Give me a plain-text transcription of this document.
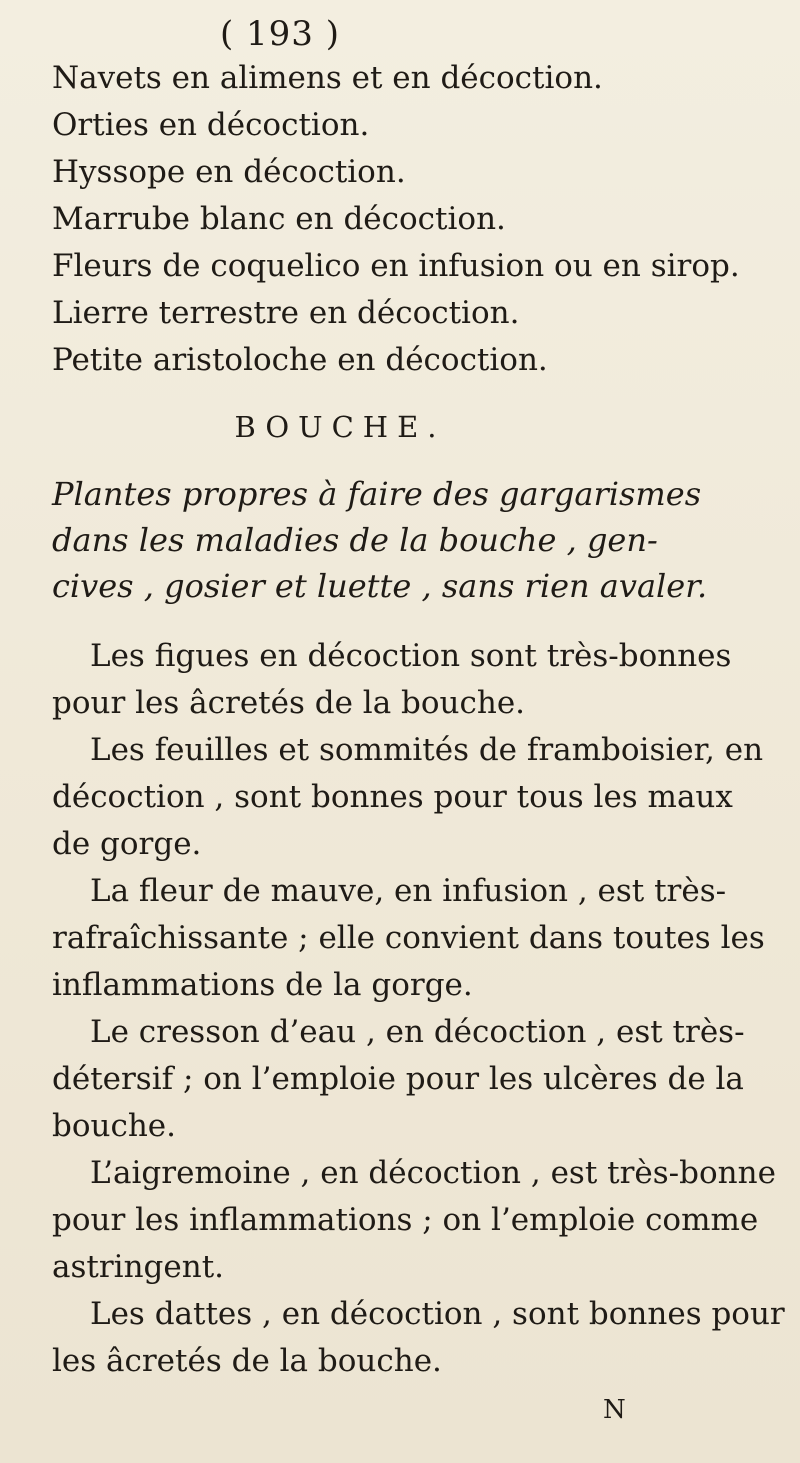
( 193 )
Navets en alimens et en décoction.
Orties en décoction.
Hyssope en décoction.
Marrube blanc en décoction.
Fleurs de coquelico en infusion ou en sirop.
Lierre terrestre en décoction.
Petite aristoloche en décoction.
BOUCHE.
Plantes propres à faire des gargarismes
dans les maladies de la bouche , gen-
cives , gosier et luette , sans rien avaler.
Les figues en décoction sont très-bonnes
pour les âcretés de la bouche.
Les feuilles et sommités de framboisier, en
décoction , sont bonnes pour tous les maux
de gorge.
La fleur de mauve, en infusion , est très-
rafraîchissante ; elle convient dans toutes les
inflammations de la gorge.
Le cresson d’eau , en décoction , est très-
détersif ; on l’emploie pour les ulcères de la
bouche.
L’aigremoine , en décoction , est très-bonne
pour les inflammations ; on l’emploie comme
astringent.
Les dattes , en décoction , sont bonnes pour
les âcretés de la bouche.
N
